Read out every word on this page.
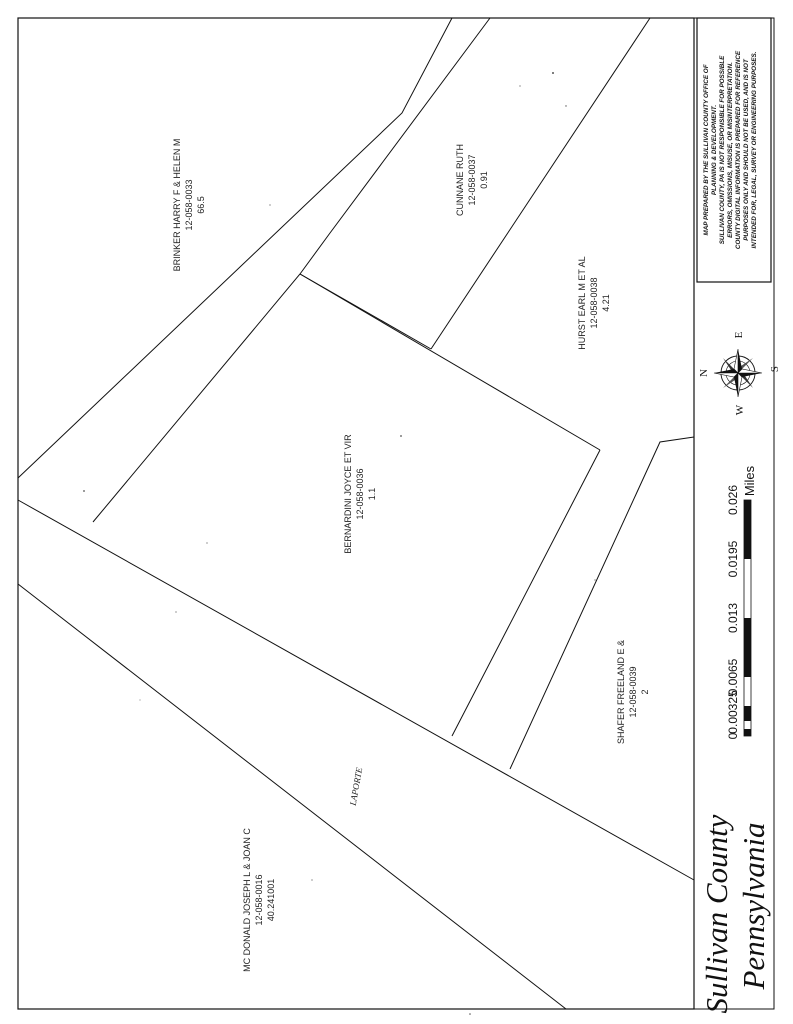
BRINKER HARRY F & HELEN M 12-058-0033 66.5	CUNNANE RUTH 12-058-0037 0.91
HURST EARL M ET AL 12-058-0038 4.21
BERNARDINI JOYCE ET VIR 12-058-0036 1.1
SHAFER FREELAND E & 12-058-0039 2
MC DONALD JOSEPH L & JOAN C 12-058-0016 40.241001
LAPORTE
MAP PREPARED BY THE SULLIVAN COUNTY OFFICE OF PLANNING & DEVELOPMENT. SULLIVAN COUNTY, PA IS NOT RESPONSIBLE FOR POSSIBLE ERRORS, OMISSIONS, MISUSE, OR MISINTERPRETATION. COUNTY DIGITAL INFORMATION IS PREPARED FOR REFERENCE PURPOSES ONLY AND SHOULD NOT BE USED, AND IS NOT INTENDED FOR, LEGAL, SURVEY OR ENGINEERING PURPOSES.
N
E
S
W
0
0.00325
0.0065
0.013
0.0195
0.026
Miles
Sullivan County Pennsylvania
